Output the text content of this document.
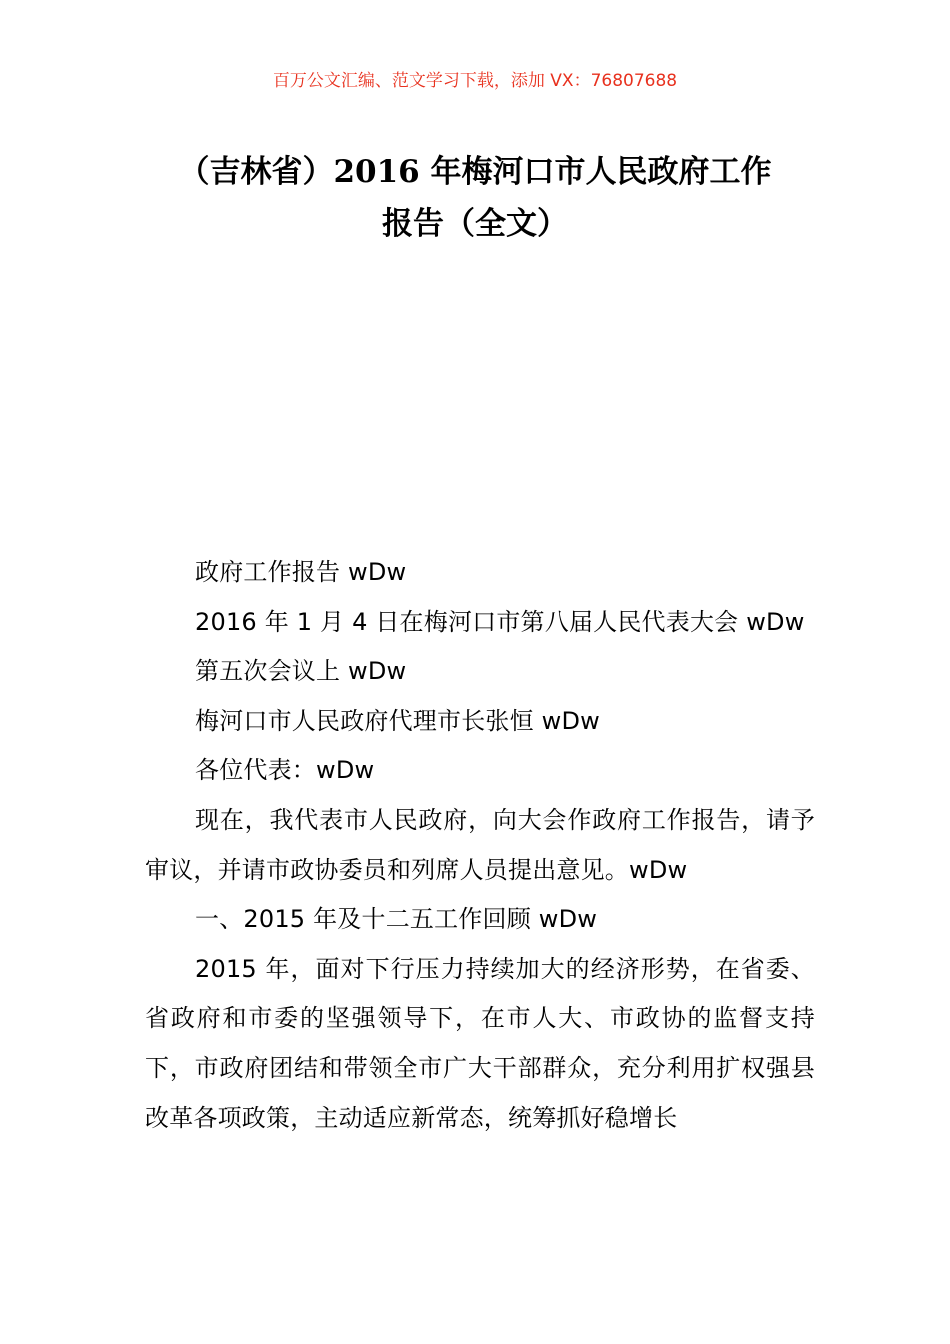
百万公文汇编、范文学习下载，添加 VX：76807688
（吉林省）2016 年梅河口市人民政府工作
报告（全文）

政府工作报告 wDw

2016 年 1 月 4 日在梅河口市第八届人民代表大会 wDw

第五次会议上 wDw

梅河口市人民政府代理市长张恒 wDw

各位代表：wDw

现在，我代表市人民政府，向大会作政府工作报告，请予审议，并请市政协委员和列席人员提出意见。wDw

一、2015 年及十二五工作回顾 wDw

2015 年，面对下行压力持续加大的经济形势，在省委、省政府和市委的坚强领导下，在市人大、市政协的监督支持下，市政府团结和带领全市广大干部群众，充分利用扩权强县改革各项政策，主动适应新常态，统筹抓好稳增长
